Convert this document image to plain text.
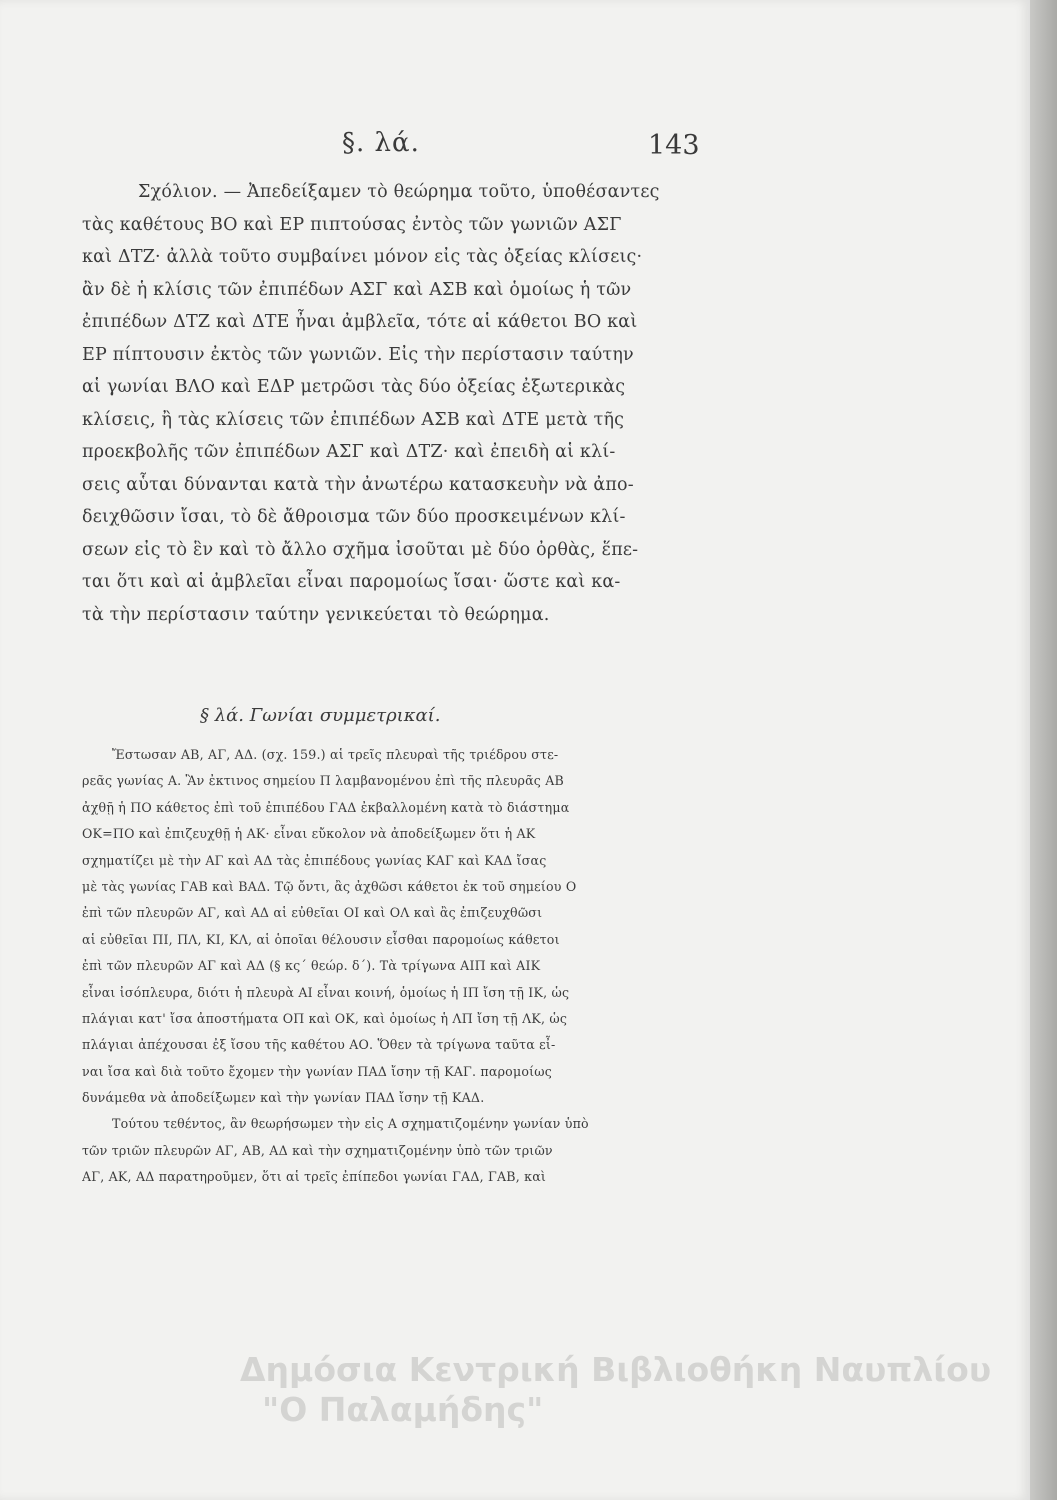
§. λά.	143
Σχόλιον. — Ἀπεδείξαμεν τὸ θεώρημα τοῦτο, ὑποθέσαντες
τὰς καθέτους ΒΟ καὶ ΕΡ πιπτούσας ἐντὸς τῶν γωνιῶν ΑΣΓ
καὶ ΔΤΖ· ἀλλὰ τοῦτο συμβαίνει μόνον εἰς τὰς ὀξείας κλίσεις·
ἂν δὲ ἡ κλίσις τῶν ἐπιπέδων ΑΣΓ καὶ ΑΣΒ καὶ ὁμοίως ἡ τῶν
ἐπιπέδων ΔΤΖ καὶ ΔΤΕ ἦναι ἀμβλεῖα, τότε αἱ κάθετοι ΒΟ καὶ
ΕΡ πίπτουσιν ἐκτὸς τῶν γωνιῶν. Εἰς τὴν περίστασιν ταύτην
αἱ γωνίαι ΒΛΟ καὶ ΕΔΡ μετρῶσι τὰς δύο ὀξείας ἐξωτερικὰς
κλίσεις, ἢ τὰς κλίσεις τῶν ἐπιπέδων ΑΣΒ καὶ ΔΤΕ μετὰ τῆς
προεκβολῆς τῶν ἐπιπέδων ΑΣΓ καὶ ΔΤΖ· καὶ ἐπειδὴ αἱ κλί-
σεις αὗται δύνανται κατὰ τὴν ἀνωτέρω κατασκευὴν νὰ ἀπο-
δειχθῶσιν ἴσαι, τὸ δὲ ἄθροισμα τῶν δύο προσκειμένων κλί-
σεων εἰς τὸ ἓν καὶ τὸ ἄλλο σχῆμα ἰσοῦται μὲ δύο ὀρθὰς, ἕπε-
ται ὅτι καὶ αἱ ἀμβλεῖαι εἶναι παρομοίως ἴσαι· ὥστε καὶ κα-
τὰ τὴν περίστασιν ταύτην γενικεύεται τὸ θεώρημα.
§ λά. Γωνίαι συμμετρικαί.
Ἔστωσαν ΑΒ, ΑΓ, ΑΔ. (σχ. 159.) αἱ τρεῖς πλευραὶ τῆς τριέδρου στε-
ρεᾶς γωνίας Α. Ἂν ἐκτινος σημείου Π λαμβανομένου ἐπὶ τῆς πλευρᾶς ΑΒ
ἀχθῇ ἡ ΠΟ κάθετος ἐπὶ τοῦ ἐπιπέδου ΓΑΔ ἐκβαλλομένη κατὰ τὸ διάστημα
ΟΚ=ΠΟ καὶ ἐπιζευχθῇ ἡ ΑΚ· εἶναι εὔκολον νὰ ἀποδείξωμεν ὅτι ἡ ΑΚ
σχηματίζει μὲ τὴν ΑΓ καὶ ΑΔ τὰς ἐπιπέδους γωνίας ΚΑΓ καὶ ΚΑΔ ἴσας
μὲ τὰς γωνίας ΓΑΒ καὶ ΒΑΔ. Τῷ ὄντι, ἂς ἀχθῶσι κάθετοι ἐκ τοῦ σημείου Ο
ἐπὶ τῶν πλευρῶν ΑΓ, καὶ ΑΔ αἱ εὐθεῖαι ΟΙ καὶ ΟΛ καὶ ἂς ἐπιζευχθῶσι
αἱ εὐθεῖαι ΠΙ, ΠΛ, ΚΙ, ΚΛ, αἱ ὁποῖαι θέλουσιν εἶσθαι παρομοίως κάθετοι
ἐπὶ τῶν πλευρῶν ΑΓ καὶ ΑΔ (§ κς΄ θεώρ. δ΄). Τὰ τρίγωνα ΑΙΠ καὶ ΑΙΚ
εἶναι ἰσόπλευρα, διότι ἡ πλευρὰ ΑΙ εἶναι κοινή, ὁμοίως ἡ ΙΠ ἴση τῇ ΙΚ, ὡς
πλάγιαι κατ' ἴσα ἀποστήματα ΟΠ καὶ ΟΚ, καὶ ὁμοίως ἡ ΛΠ ἴση τῇ ΛΚ, ὡς
πλάγιαι ἀπέχουσαι ἐξ ἴσου τῆς καθέτου ΑΟ. Ὅθεν τὰ τρίγωνα ταῦτα εἶ-
ναι ἴσα καὶ διὰ τοῦτο ἔχομεν τὴν γωνίαν ΠΑΔ ἴσην τῇ ΚΑΓ. παρομοίως
δυνάμεθα νὰ ἀποδείξωμεν καὶ τὴν γωνίαν ΠΑΔ ἴσην τῇ ΚΑΔ.
Τούτου τεθέντος, ἂν θεωρήσωμεν τὴν εἰς Α σχηματιζομένην γωνίαν ὑπὸ
τῶν τριῶν πλευρῶν ΑΓ, ΑΒ, ΑΔ καὶ τὴν σχηματιζομένην ὑπὸ τῶν τριῶν
ΑΓ, ΑΚ, ΑΔ παρατηροῦμεν, ὅτι αἱ τρεῖς ἐπίπεδοι γωνίαι ΓΑΔ, ΓΑΒ, καὶ
Δημόσια Κεντρική Βιβλιοθήκη Ναυπλίου
"Ο Παλαμήδης"
